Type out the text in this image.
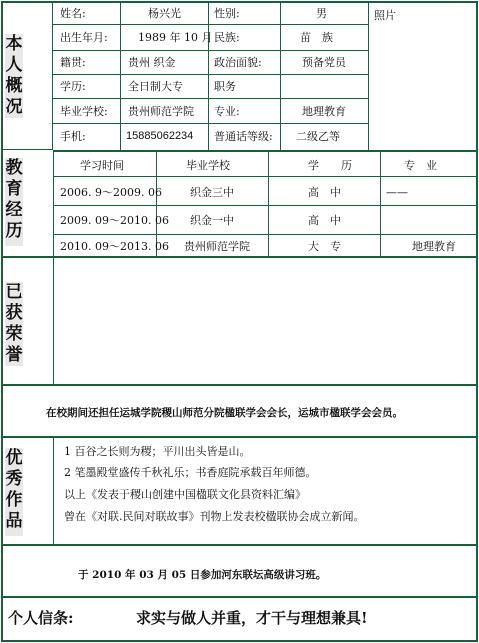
本人概况
姓名:	杨兴光	性别:	男	照片
出生年月:	1989 年 10 月 民族:	苗　族
籍贯:	贵州 织金	政治面貌:	预备党员
学历:	全日制大专	职务
毕业学校: 贵州师范学院 专业:	地理教育
手机:	15885062234 普通话等级: 二级乙等
教育经历
学习时间	毕业学校	学　　历	专　业
2006. 9～2009. 06	织金三中	高　中	——
2009. 09～2010. 06 织金一中	高　中
2010. 09～2013. 06 贵州师范学院	大　专	地理教育
已获荣誉
在校期间还担任运城学院稷山师范分院楹联学会会长，运城市楹联学会会员。
优秀作品
1 百谷之长则为稷；平川出头皆是山。
2 笔墨殿堂盛传千秋礼乐；书香庭院承载百年师德。
以上《发表于稷山创建中国楹联文化县资料汇编》
曾在《对联.民间对联故事》刊物上发表校楹联协会成立新闻。
于 2010 年 03 月 05 日参加河东联坛高级讲习班。
个人信条:	求实与做人并重，才干与理想兼具!
